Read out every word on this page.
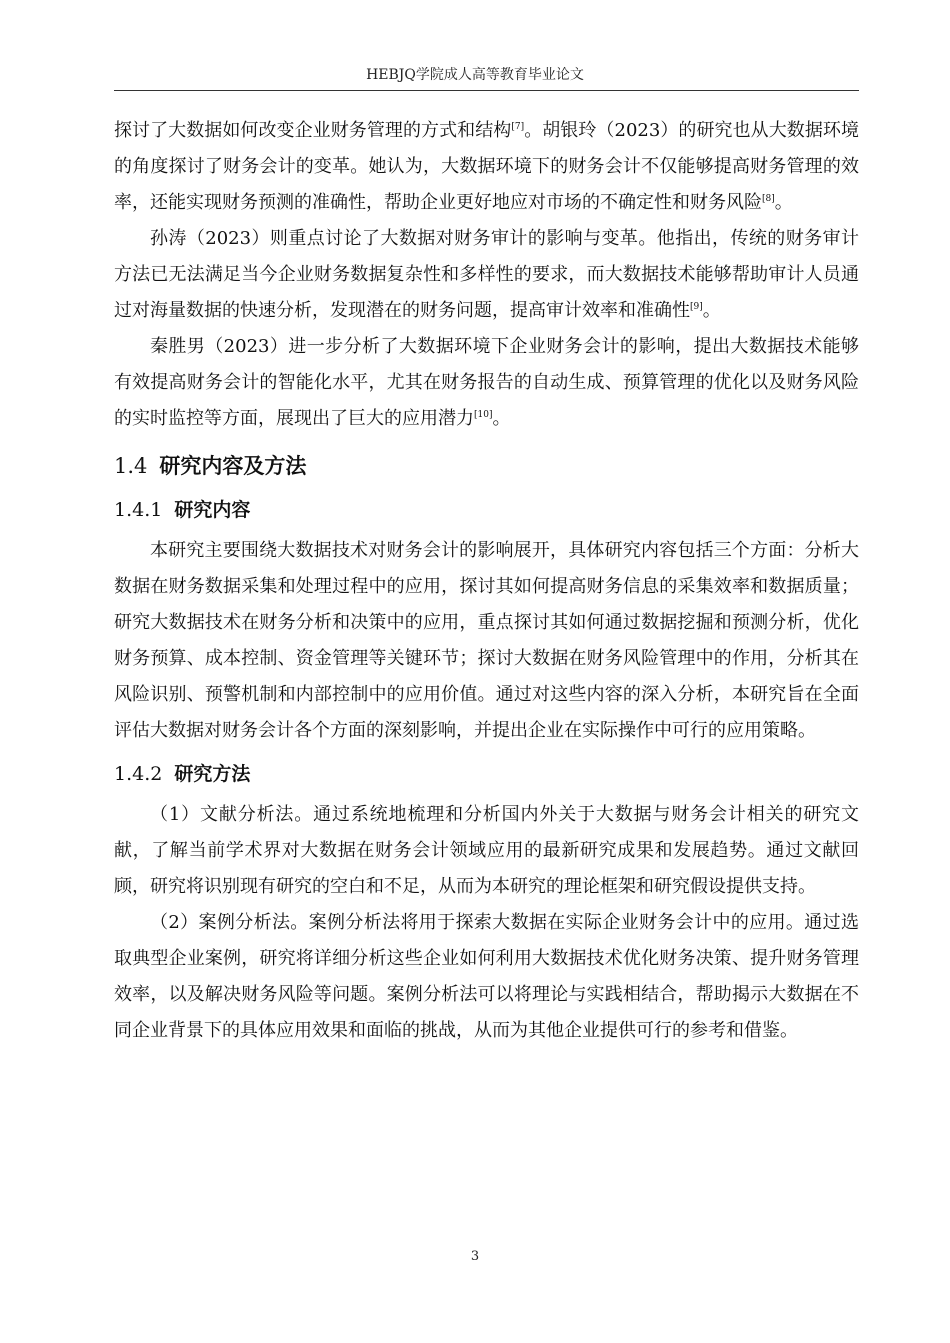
HEBJQ学院成人高等教育毕业论文

探讨了大数据如何改变企业财务管理的方式和结构[7]。胡银玲（2023）的研究也从大数据环境的角度探讨了财务会计的变革。她认为，大数据环境下的财务会计不仅能够提高财务管理的效率，还能实现财务预测的准确性，帮助企业更好地应对市场的不确定性和财务风险[8]。

孙涛（2023）则重点讨论了大数据对财务审计的影响与变革。他指出，传统的财务审计方法已无法满足当今企业财务数据复杂性和多样性的要求，而大数据技术能够帮助审计人员通过对海量数据的快速分析，发现潜在的财务问题，提高审计效率和准确性[9]。

秦胜男（2023）进一步分析了大数据环境下企业财务会计的影响，提出大数据技术能够有效提高财务会计的智能化水平，尤其在财务报告的自动生成、预算管理的优化以及财务风险的实时监控等方面，展现出了巨大的应用潜力[10]。

1.4 研究内容及方法
1.4.1 研究内容

本研究主要围绕大数据技术对财务会计的影响展开，具体研究内容包括三个方面：分析大数据在财务数据采集和处理过程中的应用，探讨其如何提高财务信息的采集效率和数据质量；研究大数据技术在财务分析和决策中的应用，重点探讨其如何通过数据挖掘和预测分析，优化财务预算、成本控制、资金管理等关键环节；探讨大数据在财务风险管理中的作用，分析其在风险识别、预警机制和内部控制中的应用价值。通过对这些内容的深入分析，本研究旨在全面评估大数据对财务会计各个方面的深刻影响，并提出企业在实际操作中可行的应用策略。

1.4.2 研究方法

（1）文献分析法。通过系统地梳理和分析国内外关于大数据与财务会计相关的研究文献，了解当前学术界对大数据在财务会计领域应用的最新研究成果和发展趋势。通过文献回顾，研究将识别现有研究的空白和不足，从而为本研究的理论框架和研究假设提供支持。

（2）案例分析法。案例分析法将用于探索大数据在实际企业财务会计中的应用。通过选取典型企业案例，研究将详细分析这些企业如何利用大数据技术优化财务决策、提升财务管理效率，以及解决财务风险等问题。案例分析法可以将理论与实践相结合，帮助揭示大数据在不同企业背景下的具体应用效果和面临的挑战，从而为其他企业提供可行的参考和借鉴。

3
